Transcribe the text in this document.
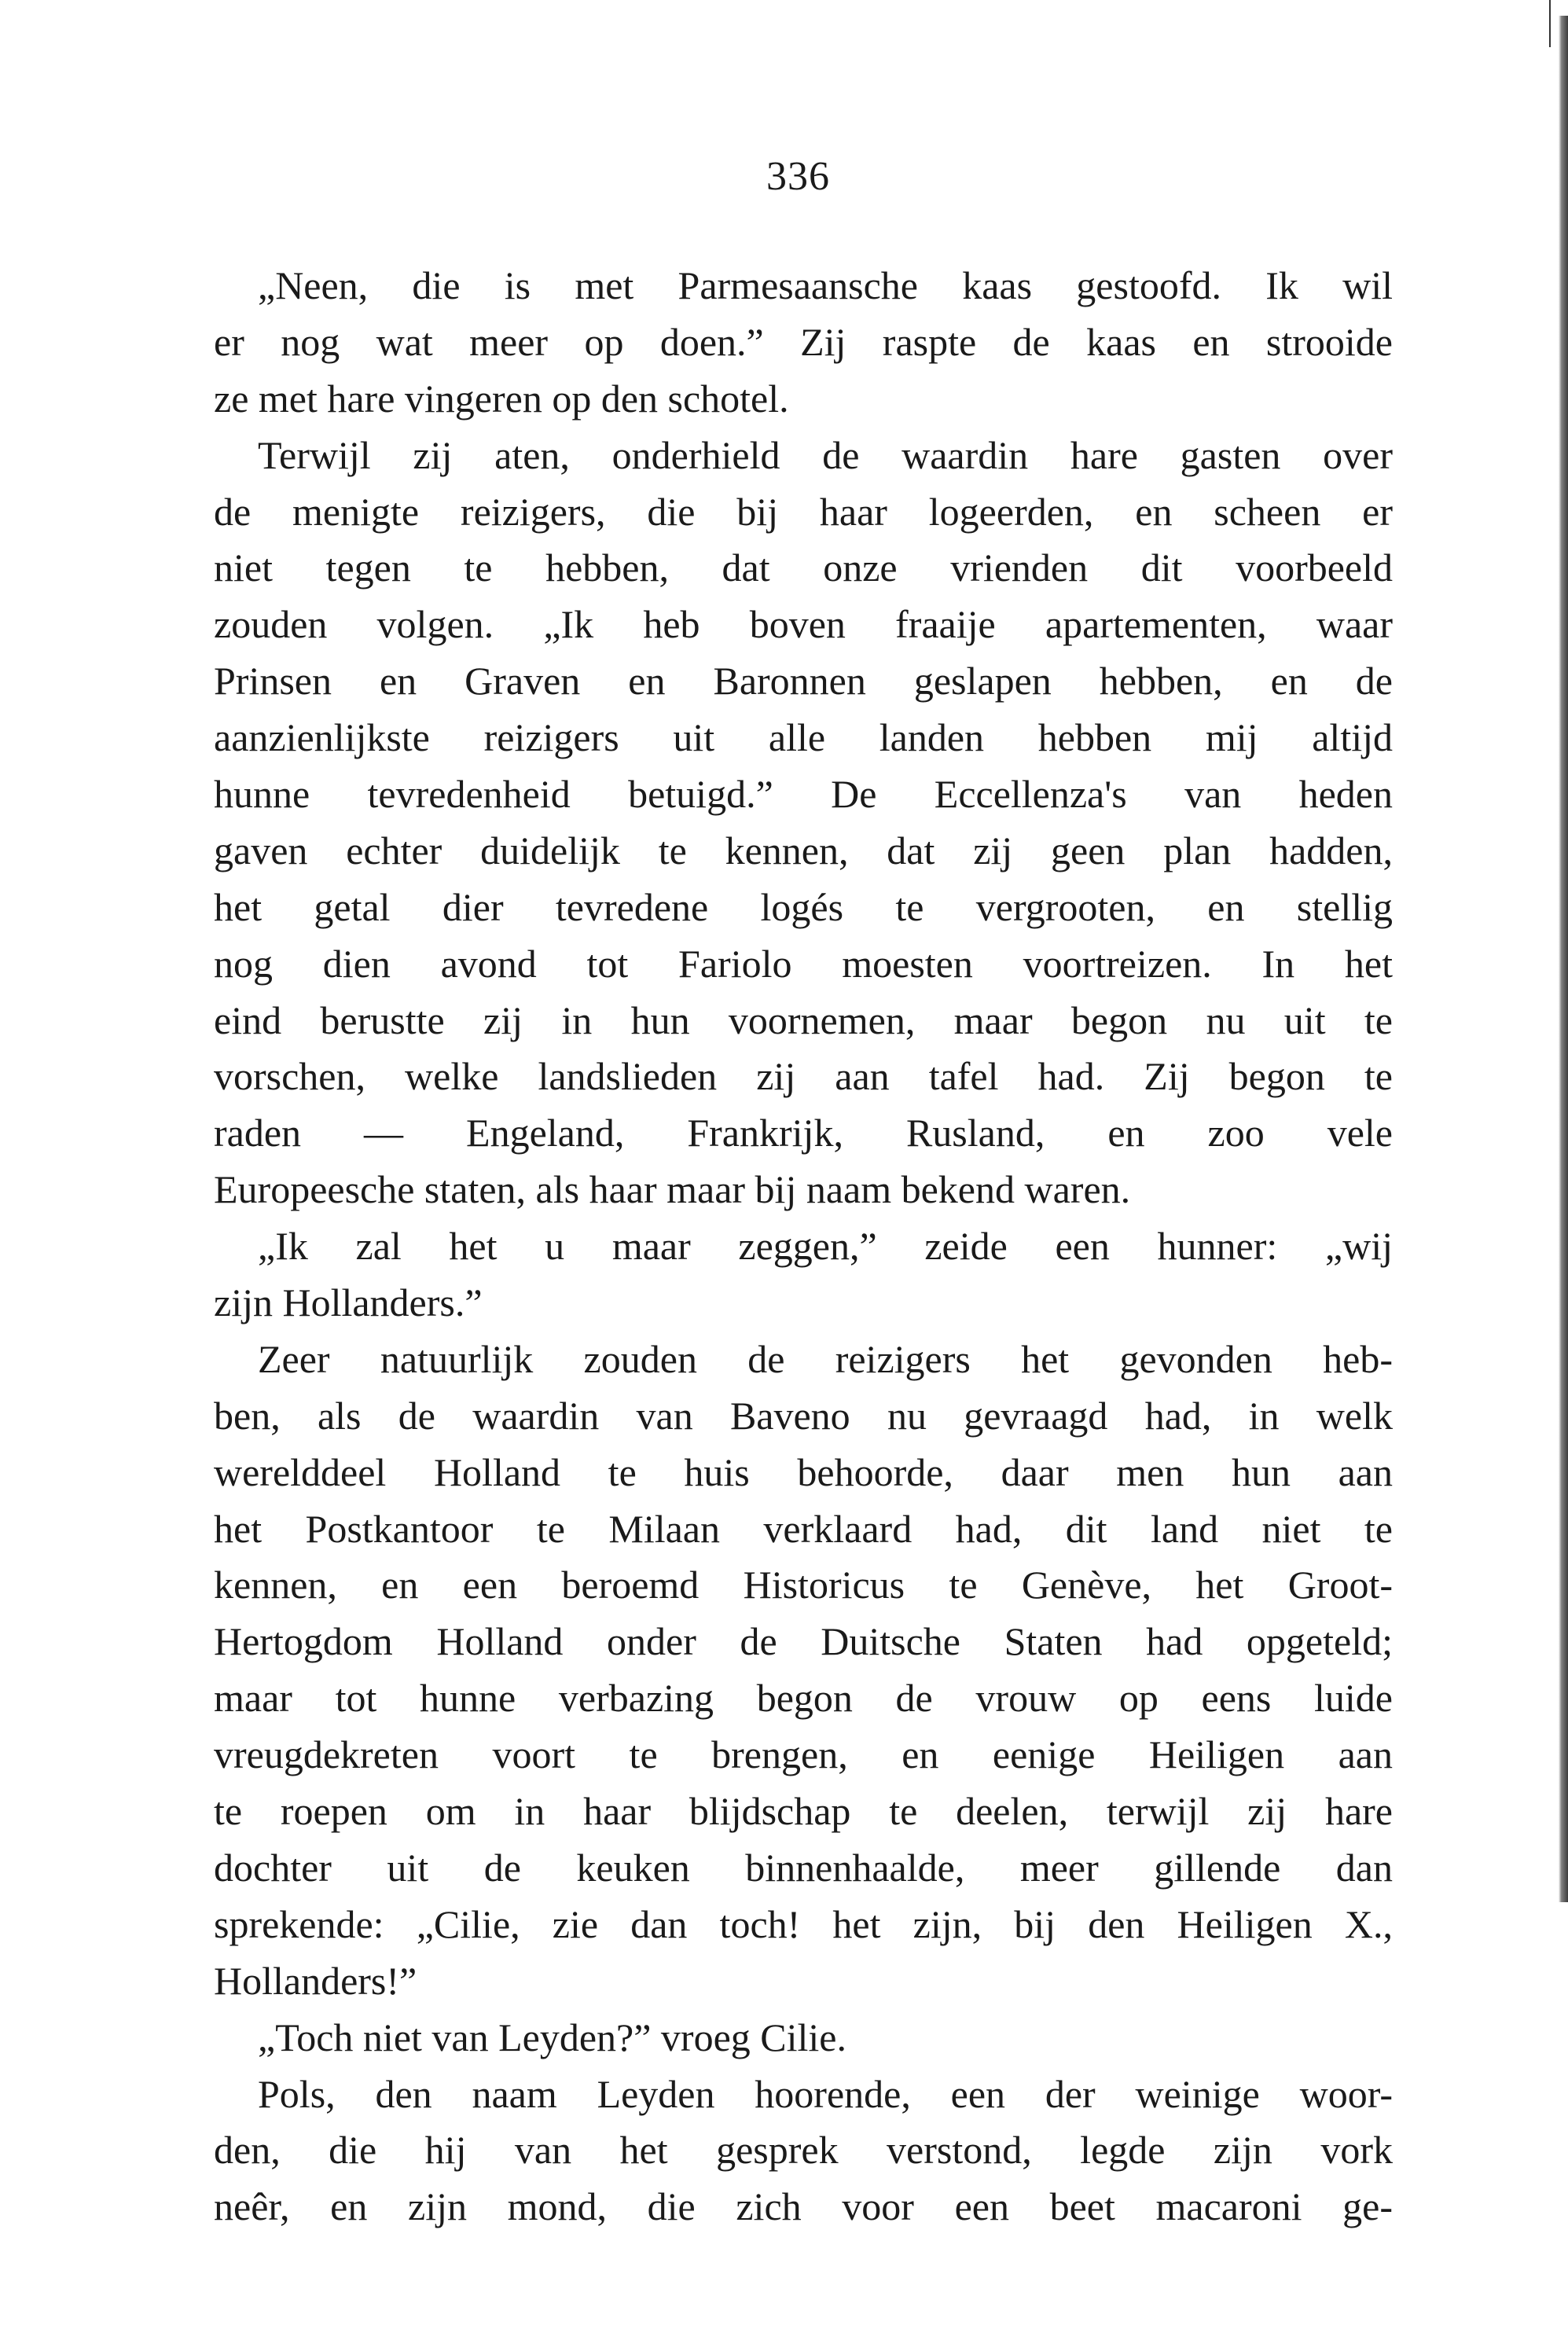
336
„Neen, die is met Parmesaansche kaas gestoofd. Ik wil
er nog wat meer op doen.” Zij raspte de kaas en strooide
ze met hare vingeren op den schotel.
Terwijl zij aten, onderhield de waardin hare gasten over
de menigte reizigers, die bij haar logeerden, en scheen er
niet tegen te hebben, dat onze vrienden dit voorbeeld
zouden volgen. „Ik heb boven fraaije apartementen, waar
Prinsen en Graven en Baronnen geslapen hebben, en de
aanzienlijkste reizigers uit alle landen hebben mij altijd
hunne tevredenheid betuigd.” De Eccellenza's van heden
gaven echter duidelijk te kennen, dat zij geen plan hadden,
het getal dier tevredene logés te vergrooten, en stellig
nog dien avond tot Fariolo moesten voortreizen. In het
eind berustte zij in hun voornemen, maar begon nu uit te
vorschen, welke landslieden zij aan tafel had. Zij begon te
raden — Engeland, Frankrijk, Rusland, en zoo vele
Europeesche staten, als haar maar bij naam bekend waren.
„Ik zal het u maar zeggen,” zeide een hunner: „wij
zijn Hollanders.”
Zeer natuurlijk zouden de reizigers het gevonden heb-
ben, als de waardin van Baveno nu gevraagd had, in welk
werelddeel Holland te huis behoorde, daar men hun aan
het Postkantoor te Milaan verklaard had, dit land niet te
kennen, en een beroemd Historicus te Genève, het Groot-
Hertogdom Holland onder de Duitsche Staten had opgeteld;
maar tot hunne verbazing begon de vrouw op eens luide
vreugdekreten voort te brengen, en eenige Heiligen aan
te roepen om in haar blijdschap te deelen, terwijl zij hare
dochter uit de keuken binnenhaalde, meer gillende dan
sprekende: „Cilie, zie dan toch! het zijn, bij den Heiligen X.,
Hollanders!”
„Toch niet van Leyden?” vroeg Cilie.
Pols, den naam Leyden hoorende, een der weinige woor-
den, die hij van het gesprek verstond, legde zijn vork
neêr, en zijn mond, die zich voor een beet macaroni ge-
